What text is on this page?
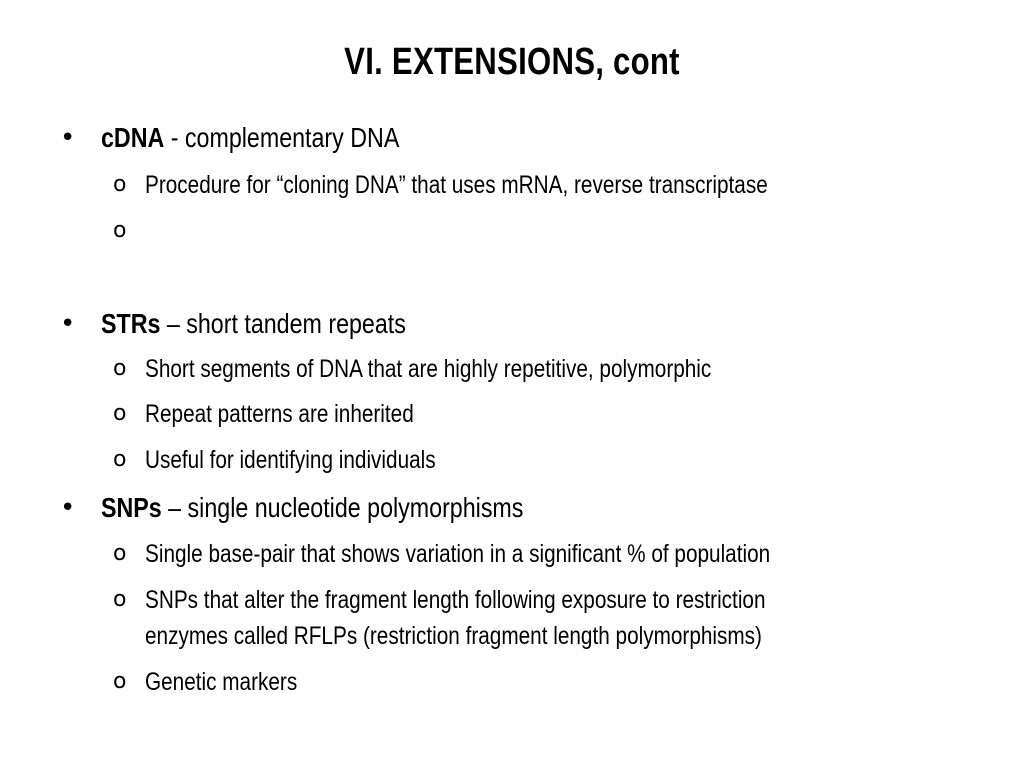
VI. EXTENSIONS, cont
• cDNA - complementary DNA
o Procedure for “cloning DNA” that uses mRNA, reverse transcriptase
o
• STRs – short tandem repeats
o Short segments of DNA that are highly repetitive, polymorphic
o Repeat patterns are inherited
o Useful for identifying individuals
• SNPs – single nucleotide polymorphisms
o Single base-pair that shows variation in a significant % of population
o SNPs that alter the fragment length following exposure to restriction
enzymes called RFLPs (restriction fragment length polymorphisms)
o Genetic markers
